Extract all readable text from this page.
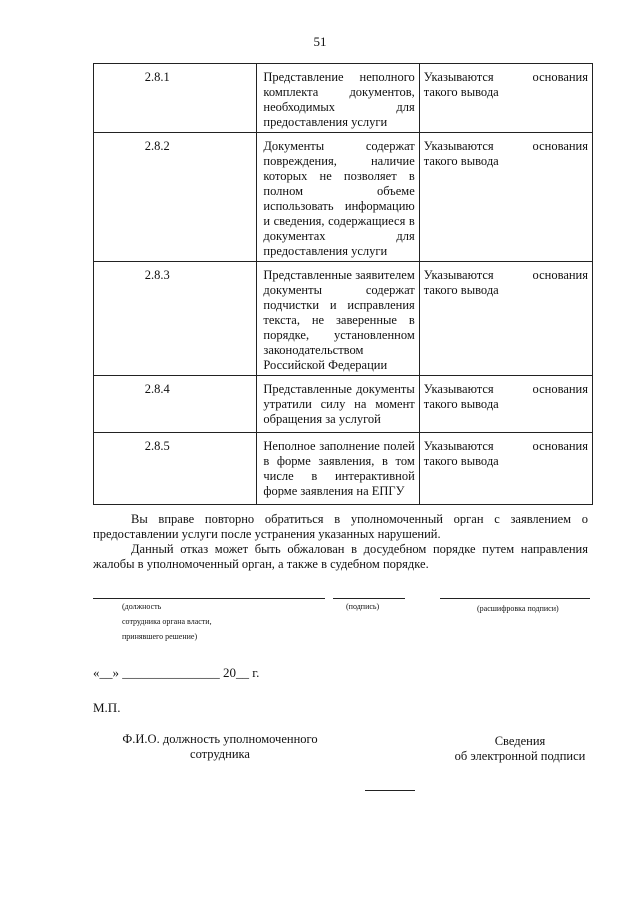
51
2.8.1	Представление неполного комплекта документов, необходимых для предоставления услуги	Указываются основания такого вывода
2.8.2	Документы содержат повреждения, наличие которых не позволяет в полном объеме использовать информацию и сведения, содержащиеся в документах для предоставления услуги	Указываются основания такого вывода
2.8.3	Представленные заявителем документы содержат подчистки и исправления текста, не заверенные в порядке, установленном законодательством Российской Федерации	Указываются основания такого вывода
2.8.4	Представленные документы утратили силу на момент обращения за услугой	Указываются основания такого вывода
2.8.5	Неполное заполнение полей в форме заявления, в том числе в интерактивной форме заявления на ЕПГУ	Указываются основания такого вывода
Вы вправе повторно обратиться в уполномоченный орган с заявлением о предоставлении услуги после устранения указанных нарушений.
Данный отказ может быть обжалован в досудебном порядке путем направления жалобы в уполномоченный орган, а также в судебном порядке.
(должность
сотрудника органа власти,
принявшего решение)
(подпись)	(расшифровка подписи)
«__» _______________ 20__ г.
М.П.
Ф.И.О. должность уполномоченного
сотрудника
Сведения
об электронной подписи
